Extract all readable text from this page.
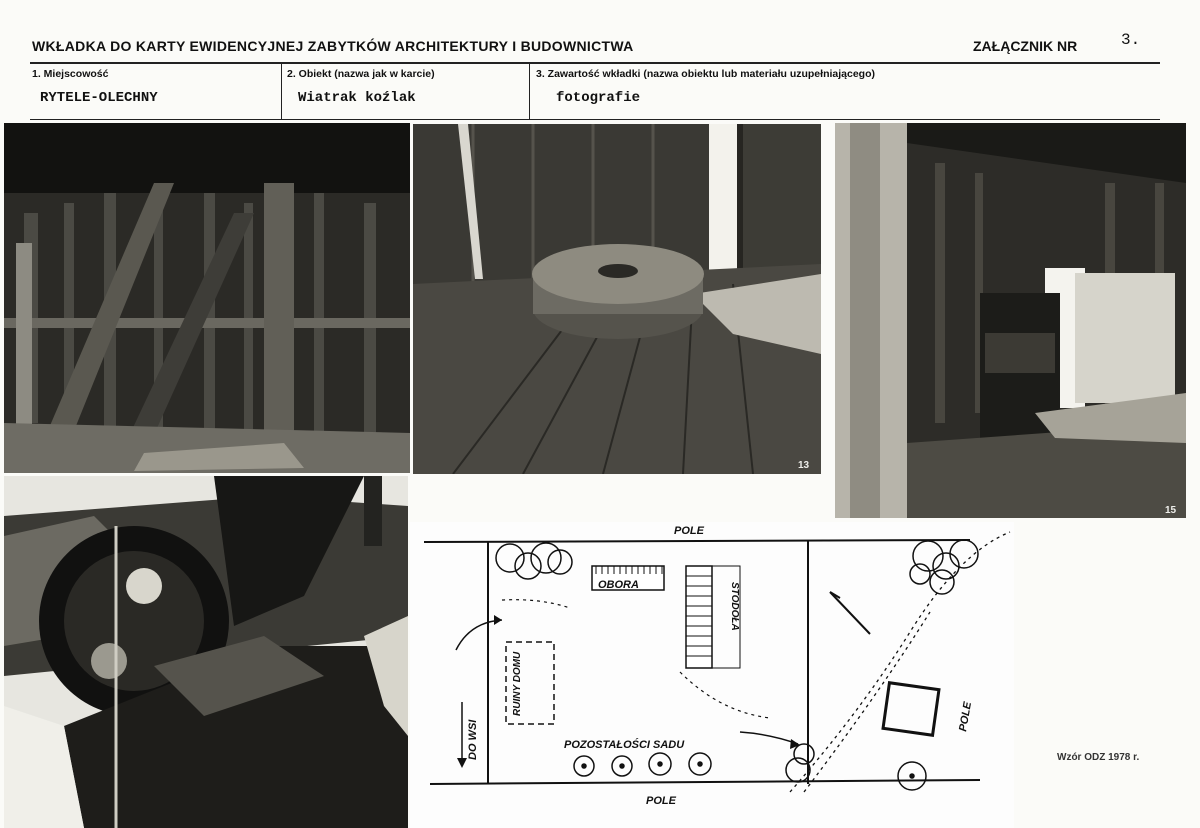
WKŁADKA DO KARTY EWIDENCYJNEJ ZABYTKÓW ARCHITEKTURY I BUDOWNICTWA	ZAŁĄCZNIK NR	3.
1. Miejscowość
RYTELE-OLECHNY
2. Obiekt (nazwa jak w karcie)
Wiatrak koźlak
3. Zawartość wkładki (nazwa obiektu lub materiału uzupełniającego)
fotografie
13
15
OBORA	STODOŁA
RUINY DOMU
POLE
POLE
POLE
POZOSTAŁOŚCI SADU
DO WSI	Wzór ODZ 1978 r.
